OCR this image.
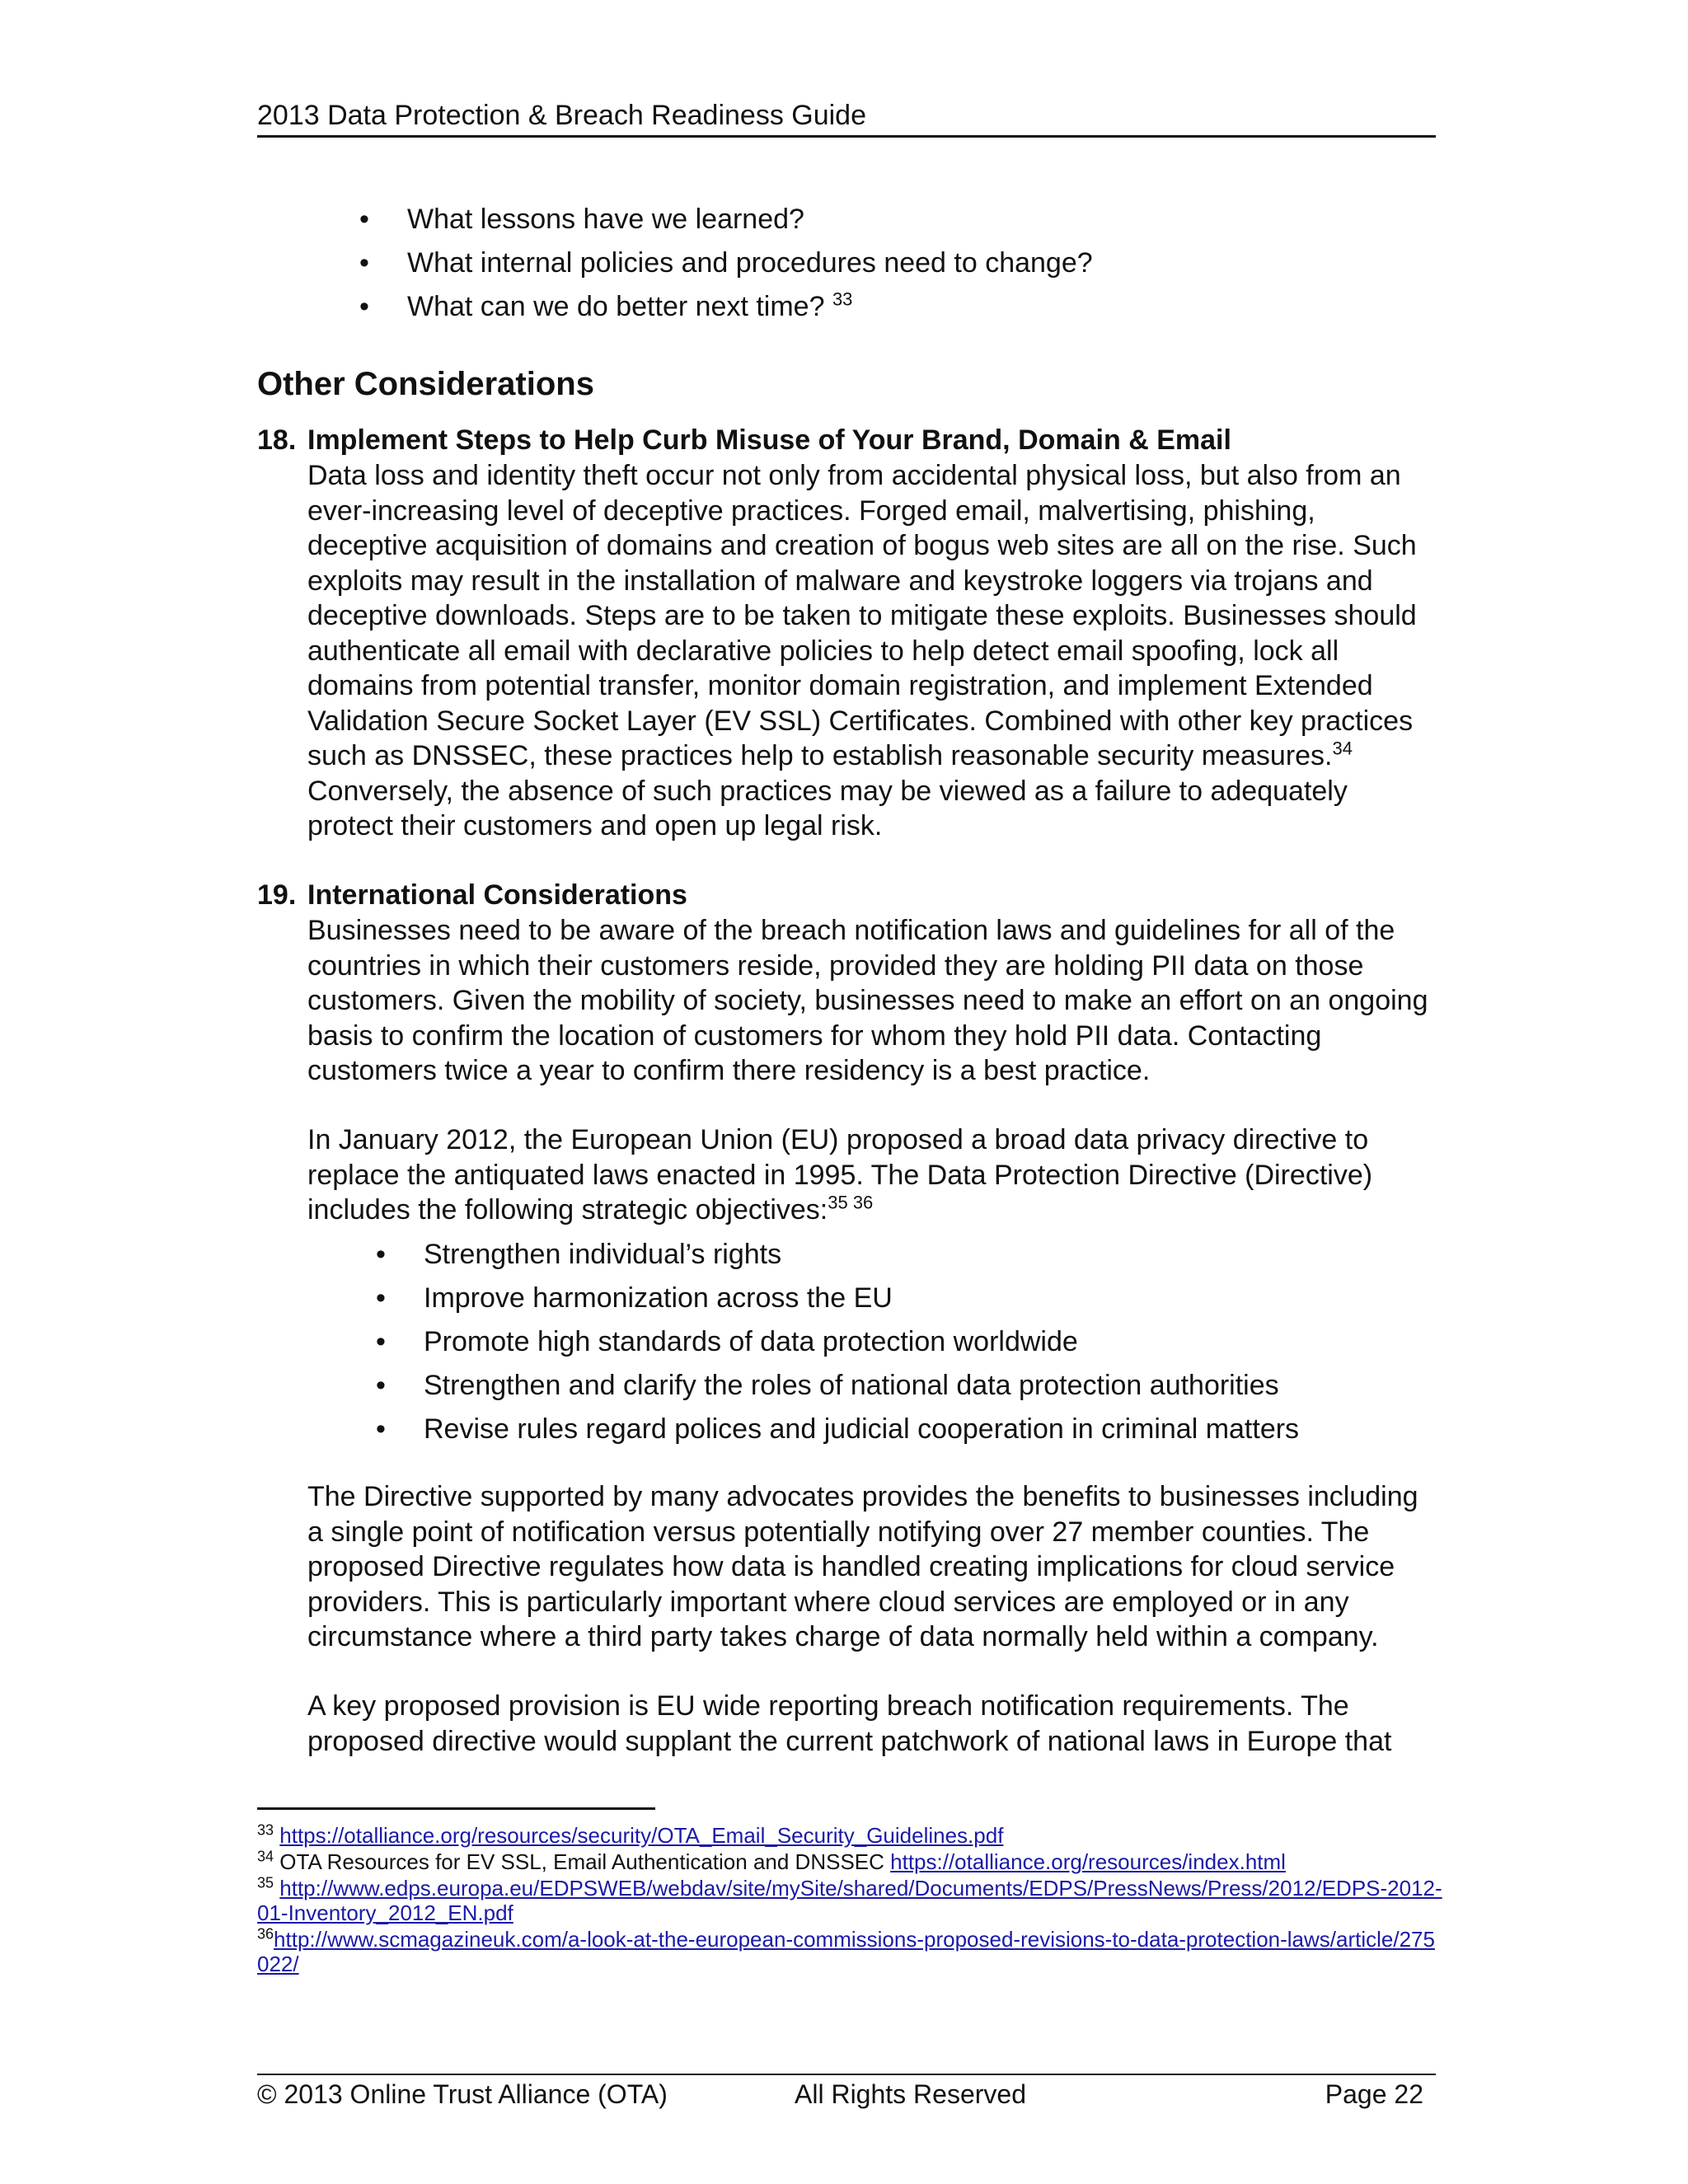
2013 Data Protection & Breach Readiness Guide
• What lessons have we learned?
• What internal policies and procedures need to change?
• What can we do better next time? $^{33}$
Other Considerations
18. Implement Steps to Help Curb Misuse of Your Brand, Domain & Email

Data loss and identity theft occur not only from accidental physical loss, but also from an ever-increasing level of deceptive practices. Forged email, malvertising, phishing, deceptive acquisition of domains and creation of bogus web sites are all on the rise. Such exploits may result in the installation of malware and keystroke loggers via trojans and deceptive downloads. Steps are to be taken to mitigate these exploits. Businesses should authenticate all email with declarative policies to help detect email spoofing, lock all domains from potential transfer, monitor domain registration, and implement Extended Validation Secure Socket Layer (EV SSL) Certificates. Combined with other key practices such as DNSSEC, these practices help to establish reasonable security measures.$^{34}$ Conversely, the absence of such practices may be viewed as a failure to adequately protect their customers and open up legal risk.

19. International Considerations

Businesses need to be aware of the breach notification laws and guidelines for all of the countries in which their customers reside, provided they are holding PII data on those customers. Given the mobility of society, businesses need to make an effort on an ongoing basis to confirm the location of customers for whom they hold PII data. Contacting customers twice a year to confirm there residency is a best practice.

In January 2012, the European Union (EU) proposed a broad data privacy directive to replace the antiquated laws enacted in 1995. The Data Protection Directive (Directive) includes the following strategic objectives:$^{35 36}$

• Strengthen individual’s rights
• Improve harmonization across the EU
• Promote high standards of data protection worldwide
• Strengthen and clarify the roles of national data protection authorities
• Revise rules regard polices and judicial cooperation in criminal matters

The Directive supported by many advocates provides the benefits to businesses including a single point of notification versus potentially notifying over 27 member counties. The proposed Directive regulates how data is handled creating implications for cloud service providers. This is particularly important where cloud services are employed or in any circumstance where a third party takes charge of data normally held within a company.

A key proposed provision is EU wide reporting breach notification requirements. The proposed directive would supplant the current patchwork of national laws in Europe that

$^{33}$ https://otalliance.org/resources/security/OTA_Email_Security_Guidelines.pdf

$^{34}$ OTA Resources for EV SSL, Email Authentication and DNSSEC https://otalliance.org/resources/index.html

$^{35}$ http://www.edps.europa.eu/EDPSWEB/webdav/site/mySite/shared/Documents/EDPS/PressNews/Press/2012/EDPS-2012-01-Inventory_2012_EN.pdf

$^{36}$http://www.scmagazineuk.com/a-look-at-the-european-commissions-proposed-revisions-to-data-protection-laws/article/275022/

© 2013 Online Trust Alliance (OTA)	All Rights Reserved	Page 22
